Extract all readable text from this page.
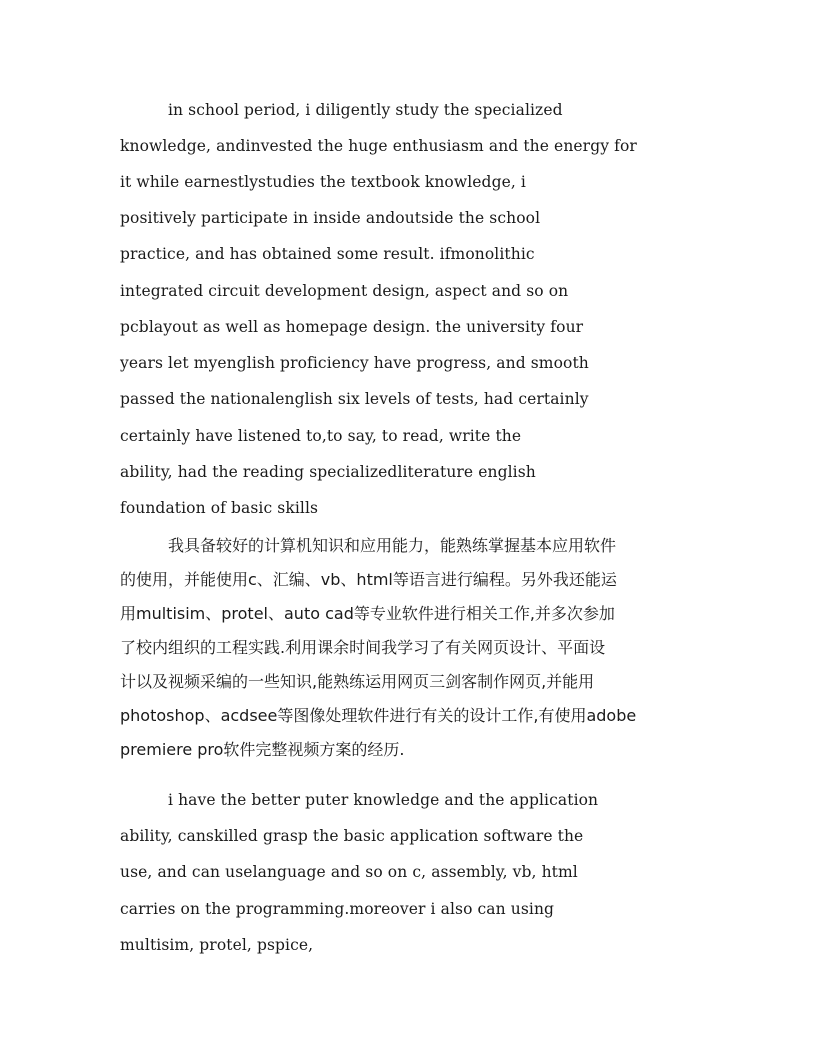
in school period, i diligently study the specialized
knowledge, andinvested the huge enthusiasm and the energy for
it while earnestlystudies the textbook knowledge, i
positively participate in inside andoutside the school
practice, and has obtained some result. ifmonolithic
integrated circuit development design, aspect and so on
pcblayout as well as homepage design. the university four
years let myenglish proficiency have progress, and smooth
passed the nationalenglish six levels of tests, had certainly
certainly have listened to,to say, to read, write the
ability, had the reading specializedliterature english
foundation of basic skills
我具备较好的计算机知识和应用能力，能熟练掌握基本应用软件
的使用，并能使用c、汇编、vb、html等语言进行编程。另外我还能运
用multisim、protel、auto cad等专业软件进行相关工作,并多次参加
了校内组织的工程实践.利用课余时间我学习了有关网页设计、平面设
计以及视频采编的一些知识,能熟练运用网页三剑客制作网页,并能用
photoshop、acdsee等图像处理软件进行有关的设计工作,有使用adobe
premiere pro软件完整视频方案的经历.
i have the better puter knowledge and the application
ability, canskilled grasp the basic application software the
use, and can uselanguage and so on c, assembly, vb, html
carries on the programming.moreover i also can using
multisim, protel, pspice,
